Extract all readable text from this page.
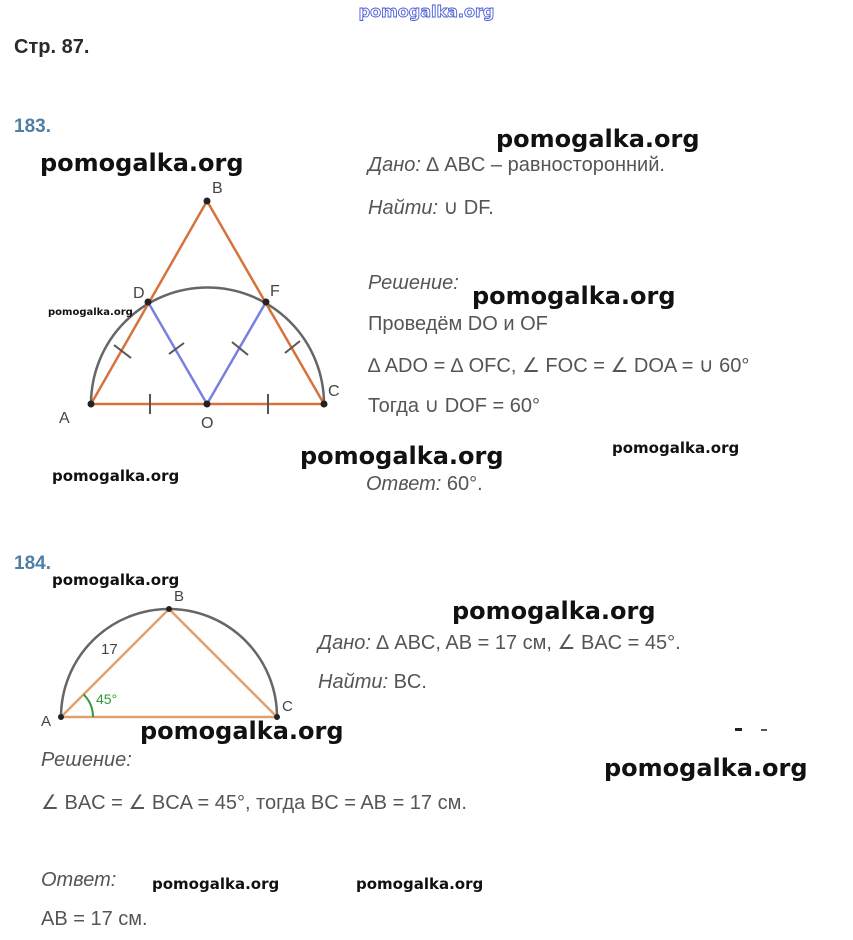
pomogalka.org
Стр. 87.
183.
A
B
C
D	F
O
Дано: ∆ ABC – равносторонний.
Найти: ∪ DF.
Решение:
Проведём DO и OF
∆ ADO = ∆ OFC, ∠ FOC = ∠ DOA = ∪ 60°
Тогда ∪ DOF = 60°
Ответ: 60°.
pomogalka.org
pomogalka.org
pomogalka.org
pomogalka.org
pomogalka.org	pomogalka.org
pomogalka.org
184.
A
B
C
17
45°
Дано: ∆ ABC, AB = 17 см, ∠ BAC = 45°.
Найти: BC.
Решение:
∠ BAC = ∠ BCA = 45°, тогда BC = AB = 17 см.
Ответ:
AB = 17 см.
pomogalka.org
pomogalka.org
pomogalka.org
pomogalka.org
pomogalka.org	pomogalka.org
